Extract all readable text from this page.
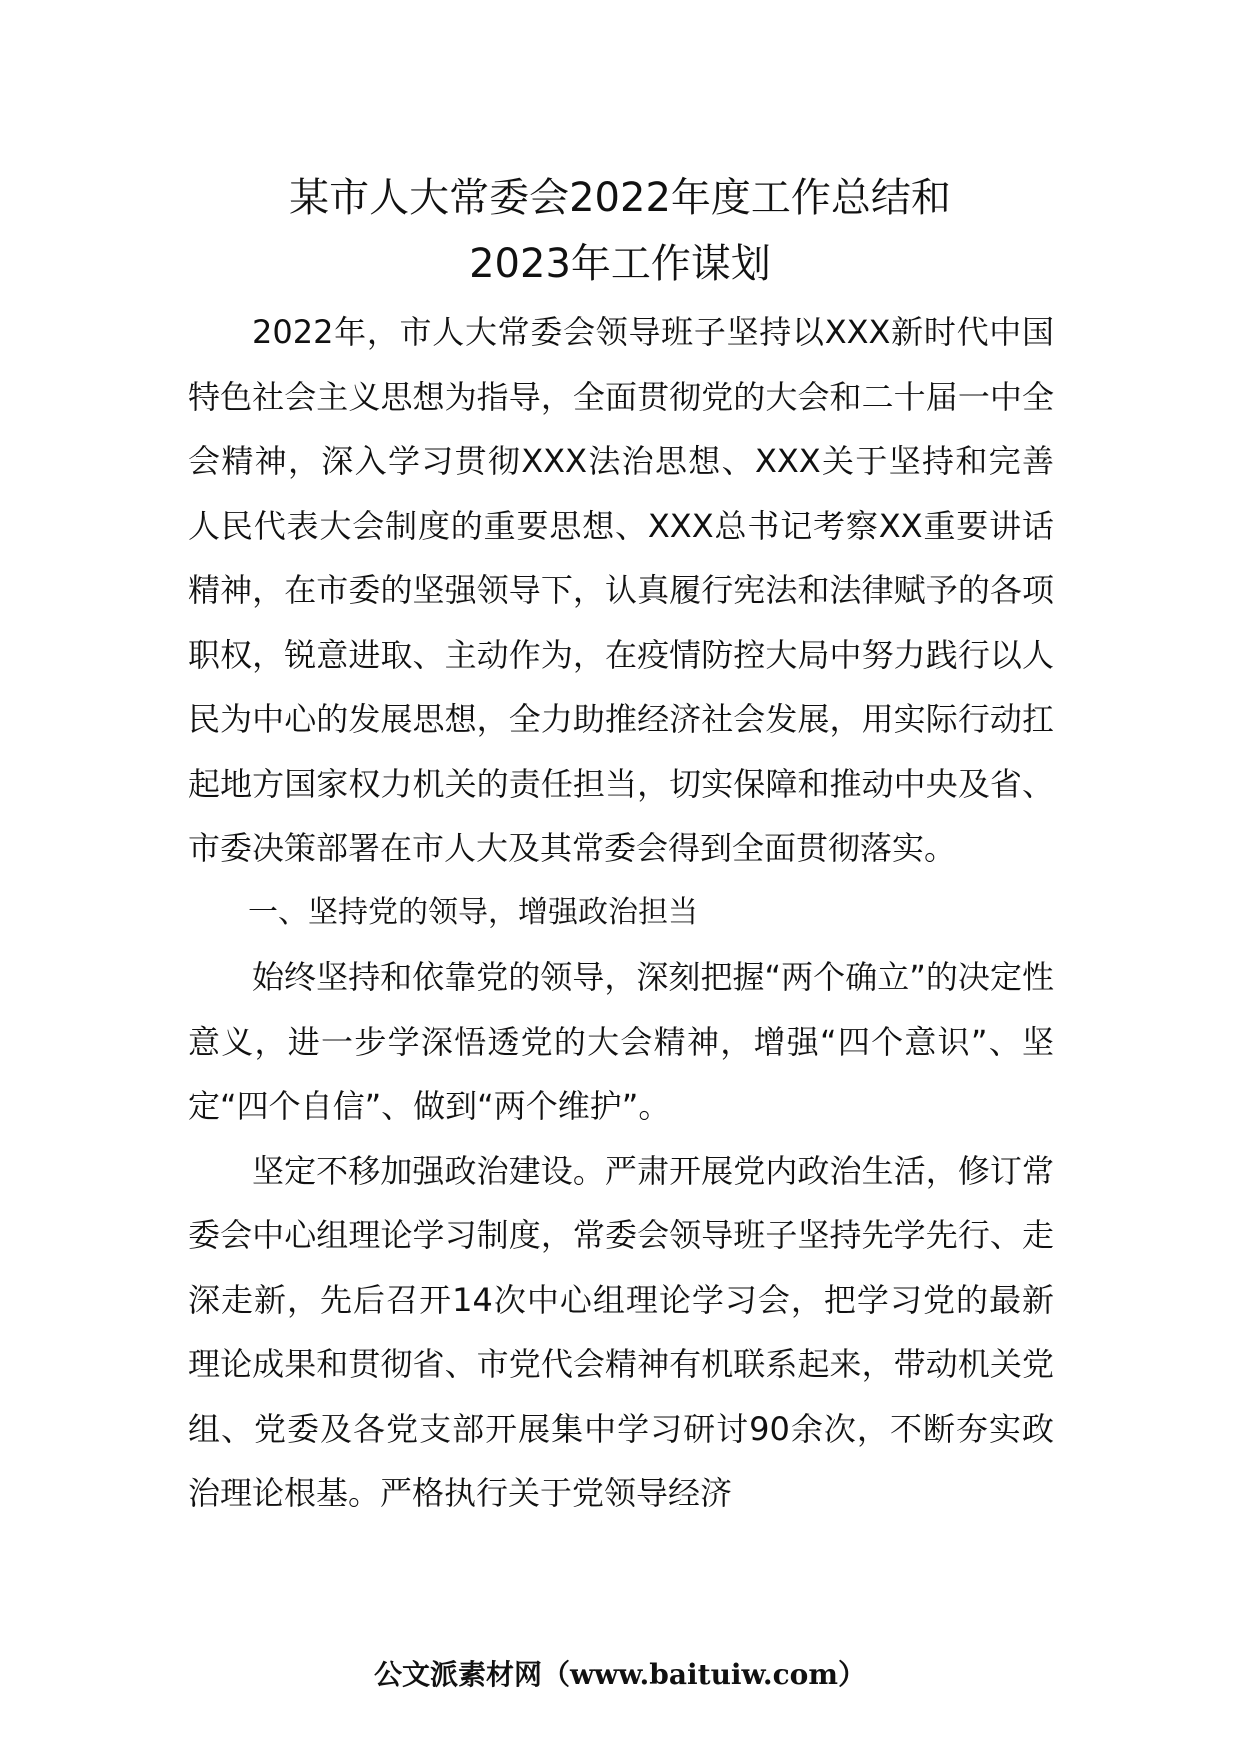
某市人大常委会2022年度工作总结和
2023年工作谋划

2022年，市人大常委会领导班子坚持以XXX新时代中国特色社会主义思想为指导，全面贯彻党的大会和二十届一中全会精神，深入学习贯彻XXX法治思想、XXX关于坚持和完善人民代表大会制度的重要思想、XXX总书记考察XX重要讲话精神，在市委的坚强领导下，认真履行宪法和法律赋予的各项职权，锐意进取、主动作为，在疫情防控大局中努力践行以人民为中心的发展思想，全力助推经济社会发展，用实际行动扛起地方国家权力机关的责任担当，切实保障和推动中央及省、市委决策部署在市人大及其常委会得到全面贯彻落实。

一、坚持党的领导，增强政治担当

始终坚持和依靠党的领导，深刻把握“两个确立”的决定性意义，进一步学深悟透党的大会精神，增强“四个意识”、坚定“四个自信”、做到“两个维护”。

坚定不移加强政治建设。严肃开展党内政治生活，修订常委会中心组理论学习制度，常委会领导班子坚持先学先行、走深走新，先后召开14次中心组理论学习会，把学习党的最新理论成果和贯彻省、市党代会精神有机联系起来，带动机关党组、党委及各党支部开展集中学习研讨90余次，不断夯实政治理论根基。严格执行关于党领导经济

公文派素材网（www.baituiw.com）
